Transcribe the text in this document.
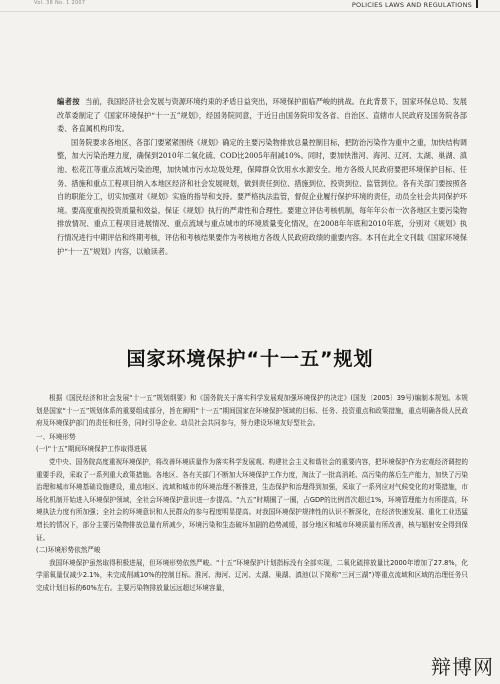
Vol. 38 No. 1 2007	POLICIES LAWS AND REGULATIONS

编者按 当前，我国经济社会发展与资源环境约束的矛盾日益突出，环境保护面临严峻的挑战。在此背景下，国家环保总局、发展改革委制定了《国家环境保护“十一五”规划》，经国务院同意，于近日由国务院印发各省、自治区、直辖市人民政府及国务院各部委、各直属机构印发。

国务院要求各地区、各部门要紧紧围绕《规划》确定的主要污染物排放总量控制目标，把防治污染作为重中之重，加快结构调整，加大污染治理力度，确保到2010年二氧化硫、COD比2005年削减10%。同时，要加快淮河、海河、辽河、太湖、巢湖、滇池、松花江等重点流域污染治理，加快城市污水垃圾处理，保障群众饮用水水源安全。地方各级人民政府要把环境保护目标、任务、措施和重点工程项目纳入本地区经济和社会发展规划，做到责任到位、措施到位、投资到位、监管到位。各有关部门要按照各自的职能分工，切实加强对《规划》实施的指导和支持。要严格执法监管，督促企业履行保护环境的责任，动员全社会共同保护环境。要高度重视投资质量和效益。保证《规划》执行的严肃性和合理性。要建立评估考核机制，每年年公布一次各地区主要污染物排放情况、重点工程项目进展情况、重点流域与重点城市的环境质量变化情况，在2008年年底和2010年底，分别对《规划》执行情况进行中期评估和终期考核，评估和考核结果要作为考核地方各级人民政府政绩的重要内容。本刊在此全文刊载《国家环境保护“十一五”规划》内容，以飨读者。

国家环境保护“十一五”规划

根据《国民经济和社会发展“十一五”规划纲要》和《国务院关于落实科学发展观加强环境保护的决定》(国发〔2005〕39号)编制本规划。本规划是国家“十一五”规划体系的重要组成部分，旨在阐明“十一五”期间国家在环境保护领域的目标、任务、投资重点和政策措施，重点明确各级人民政府及环境保护部门的责任和任务，同时引导企业、动员社会共同参与，努力建设环境友好型社会。

一、环境形势

(一)“十五”期间环境保护工作取得进展

党中央、国务院高度重视环境保护，将改善环境质量作为落实科学发展观、构建社会主义和谐社会的重要内容，把环境保护作为宏观经济调控的重要手段，采取了一系列重大政策措施。各地区、各有关部门不断加大环境保护工作力度，淘汰了一批高消耗、高污染的落后生产能力，加快了污染治理和城市环境基础设施建设，重点地区、流域和城市的环境治理不断推进，生态保护和治理得到加强，采取了一系列应对气候变化的对策措施，市场化机制开始进入环境保护领域，全社会环境保护意识进一步提高。“九五”时期圈了一圈，占GDP的比例首次超过1%，环境管理能力有所提高，环境执法力度有所加强；全社会的环境意识和人民群众的参与程度明显提高。对我国环境保护规律性的认识不断深化，在经济快速发展、重化工业迅猛增长的情况下，部分主要污染物排放总量有所减少，环境污染和生态破坏加剧的趋势减缓，部分地区和城市环境质量有所改善，核与辐射安全得到保证。

(二)环境形势依然严峻

我国环境保护虽然取得积极进展，但环境形势依然严峻。“十五”环境保护计划指标没有全部实现，二氧化硫排放量比2000年增加了27.8%，化学需氧量仅减少2.1%，未完成削减10%的控制目标。淮河、海河、辽河、太湖、巢湖、滇池(以下简称“三河三湖”)等重点流域和区域的治理任务只完成计划目标的60%左右。主要污染物排放量远远超过环境容量，

辩博网
